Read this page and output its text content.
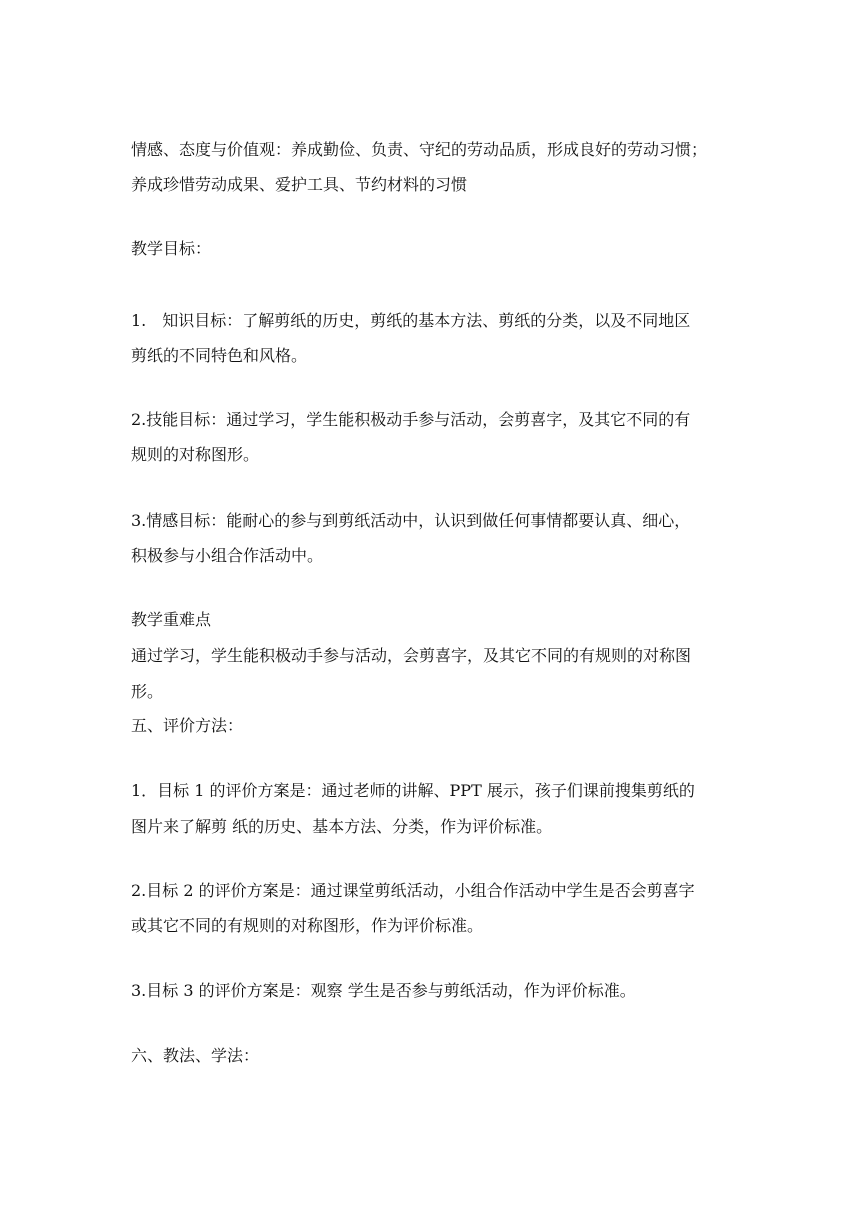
情感、态度与价值观：养成勤俭、负责、守纪的劳动品质，形成良好的劳动习惯；
养成珍惜劳动成果、爱护工具、节约材料的习惯
教学目标：
1.　知识目标：了解剪纸的历史，剪纸的基本方法、剪纸的分类，以及不同地区
剪纸的不同特色和风格。
2.技能目标：通过学习，学生能积极动手参与活动，会剪喜字，及其它不同的有
规则的对称图形。
3.情感目标：能耐心的参与到剪纸活动中，认识到做任何事情都要认真、细心，
积极参与小组合作活动中。
教学重难点
通过学习，学生能积极动手参与活动，会剪喜字，及其它不同的有规则的对称图
形。
五、评价方法：
1．目标 1 的评价方案是：通过老师的讲解、PPT 展示，孩子们课前搜集剪纸的
图片来了解剪 纸的历史、基本方法、分类，作为评价标准。
2.目标 2 的评价方案是：通过课堂剪纸活动，小组合作活动中学生是否会剪喜字
或其它不同的有规则的对称图形，作为评价标准。
3.目标 3 的评价方案是：观察 学生是否参与剪纸活动，作为评价标准。
六、教法、学法：
